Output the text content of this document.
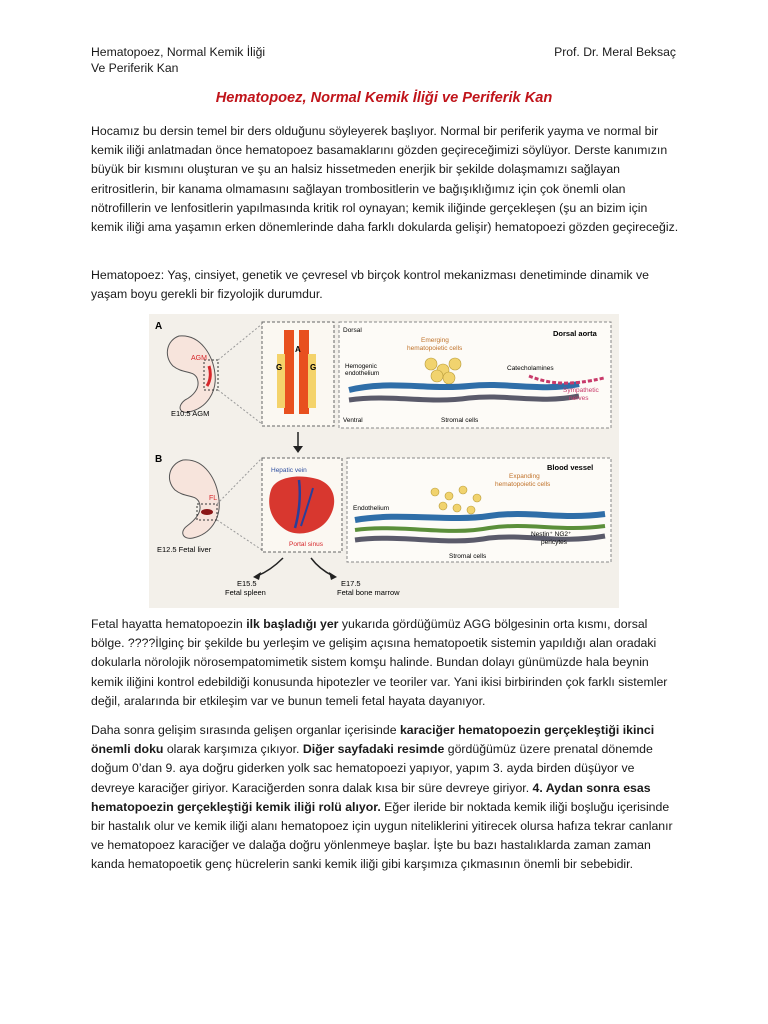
Hematopoez, Normal Kemik İliği
Ve Periferik Kan
Prof. Dr. Meral Beksaç
Hematopoez, Normal Kemik İliği ve Periferik Kan
Hocamız bu dersin temel bir ders olduğunu söyleyerek başlıyor. Normal bir periferik yayma ve normal bir kemik iliği anlatmadan önce hematopoez basamaklarını gözden geçireceğimizi söylüyor. Derste kanımızın büyük bir kısmını oluşturan ve şu an halsiz hissetmeden enerjik bir şekilde dolaşmamızı sağlayan eritrositlerin, bir kanama olmamasını sağlayan trombositlerin ve bağışıklığımız için çok önemli olan nötrofillerin ve lenfositlerin yapılmasında kritik rol oynayan; kemik iliğinde gerçekleşen (şu an bizim için kemik iliği ama yaşamın erken dönemlerinde daha farklı dokularda gelişir) hematopoezi gözden geçireceğiz.
Hematopoez: Yaş, cinsiyet, genetik ve çevresel vb birçok kontrol mekanizması denetiminde dinamik ve yaşam boyu gerekli bir fizyolojik durumdur.
A
AGM
E10.5 AGM
A
G	G
Dorsal	Dorsal aorta
Emerging
hematopoietic cells
Hemogenic
endothelium
Catecholamines
Sympathetic
nerves
Ventral	Stromal cells
B
FL
E12.5 Fetal liver
Hepatic vein
Portal sinus
Blood vessel
Expanding
hematopoietic cells
Endothelium
Nestin⁺ NG2⁺
pericytes
Stromal cells
E15.5
Fetal spleen
E17.5
Fetal bone marrow
Fetal hayatta hematopoezin ilk başladığı yer yukarıda gördüğümüz AGG bölgesinin orta kısmı, dorsal bölge. ????İlginç bir şekilde bu yerleşim ve gelişim açısına hematopoetik sistemin yapıldığı alan oradaki dokularla nörolojik nörosempatomimetik sistem komşu halinde. Bundan dolayı günümüzde hala beynin kemik iliğini kontrol edebildiği konusunda hipotezler ve teoriler var. Yani ikisi birbirinden çok farklı sistemler değil, aralarında bir etkileşim var ve bunun temeli fetal hayata dayanıyor.
Daha sonra gelişim sırasında gelişen organlar içerisinde karaciğer hematopoezin gerçekleştiği ikinci önemli doku olarak karşımıza çıkıyor. Diğer sayfadaki resimde gördüğümüz üzere prenatal dönemde doğum 0’dan 9. aya doğru giderken yolk sac hematopoezi yapıyor, yapım 3. ayda birden düşüyor ve devreye karaciğer giriyor. Karaciğerden sonra dalak kısa bir süre devreye giriyor. 4. Aydan sonra esas hematopoezin gerçekleştiği kemik iliği rolü alıyor. Eğer ileride bir noktada kemik iliği boşluğu içerisinde bir hastalık olur ve kemik iliği alanı hematopoez için uygun niteliklerini yitirecek olursa hafıza tekrar canlanır ve hematopoez karaciğer ve dalağa doğru yönlenmeye başlar. İşte bu bazı hastalıklarda zaman zaman kanda hematopoetik genç hücrelerin sanki kemik iliği gibi karşımıza çıkmasının önemli bir sebebidir.
